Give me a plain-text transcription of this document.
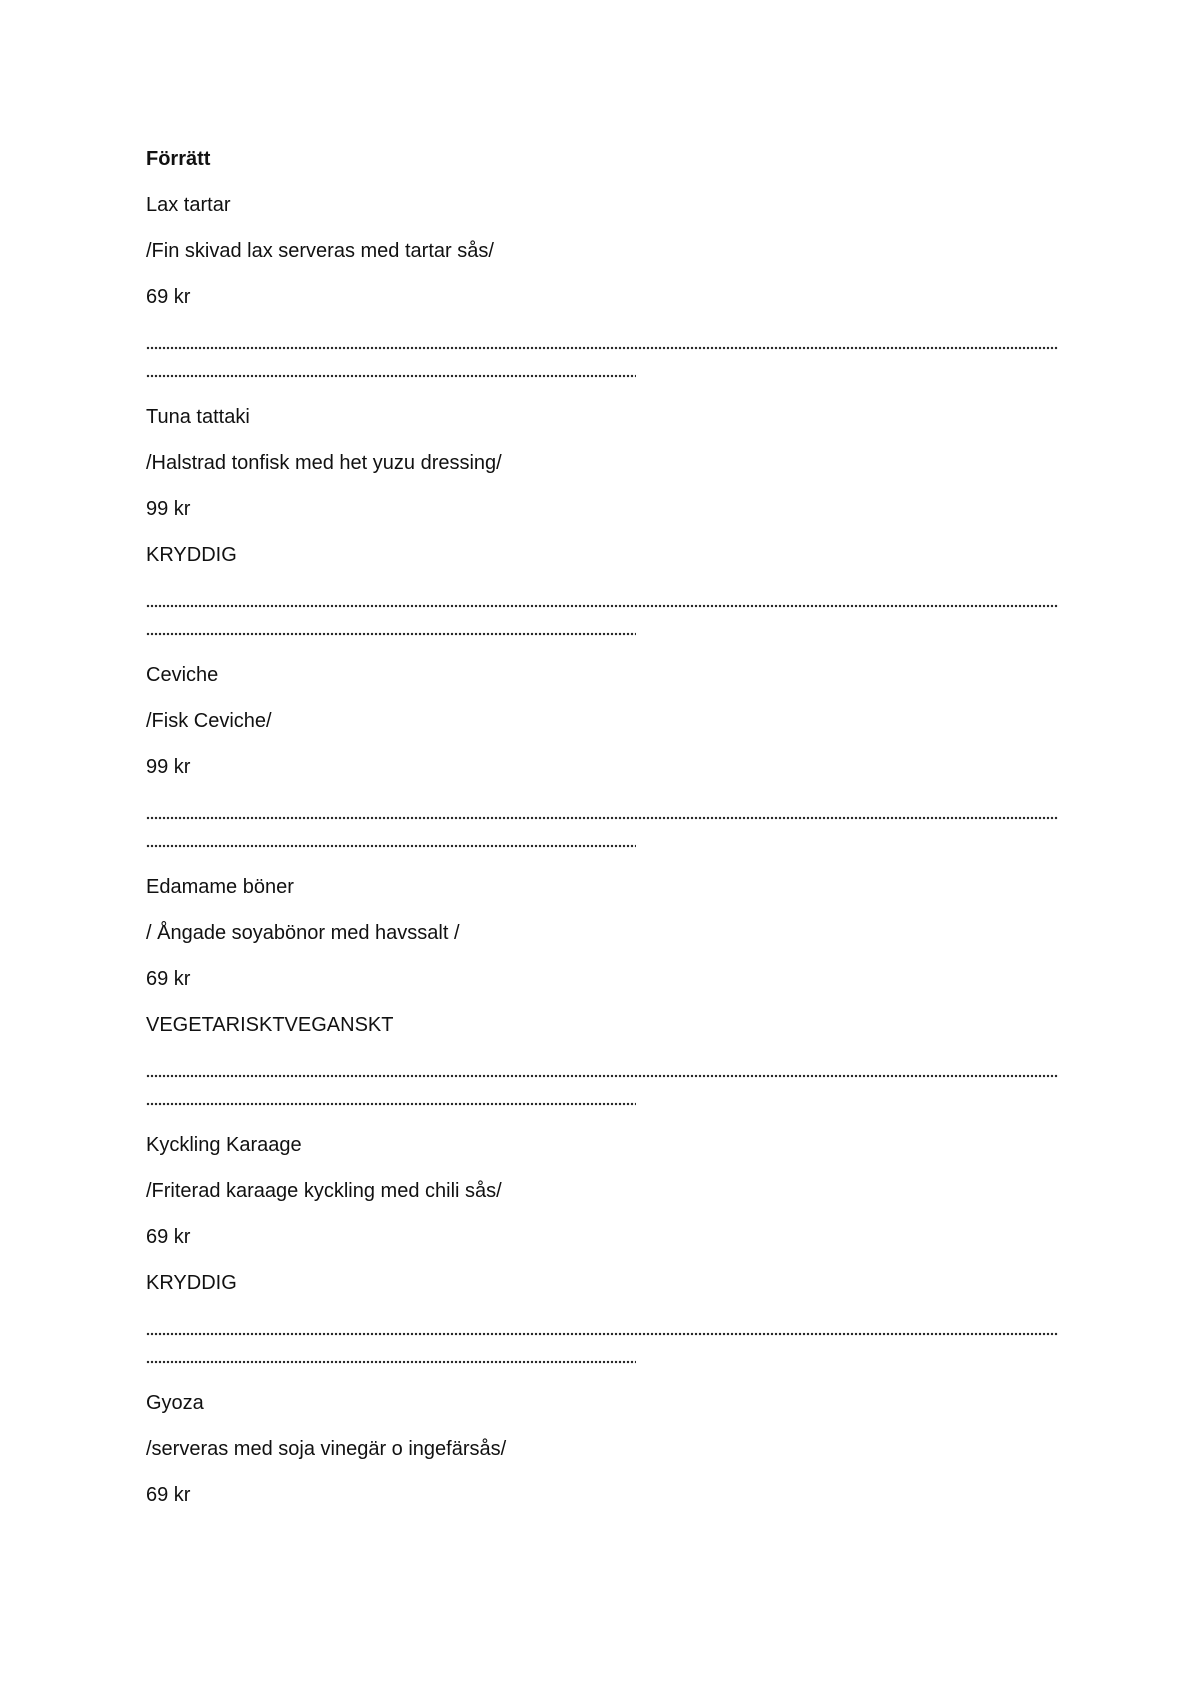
Förrätt
Lax tartar
/Fin skivad lax serveras med tartar sås/
69 kr
Tuna tattaki
/Halstrad tonfisk med het yuzu dressing/
99 kr
KRYDDIG
Ceviche
/Fisk Ceviche/
99 kr
Edamame böner
/ Ångade soyabönor med havssalt /
69 kr
VEGETARISKTVEGANSKT
Kyckling Karaage
/Friterad karaage kyckling med chili sås/
69 kr
KRYDDIG
Gyoza
/serveras med soja vinegär o ingefärsås/
69 kr
